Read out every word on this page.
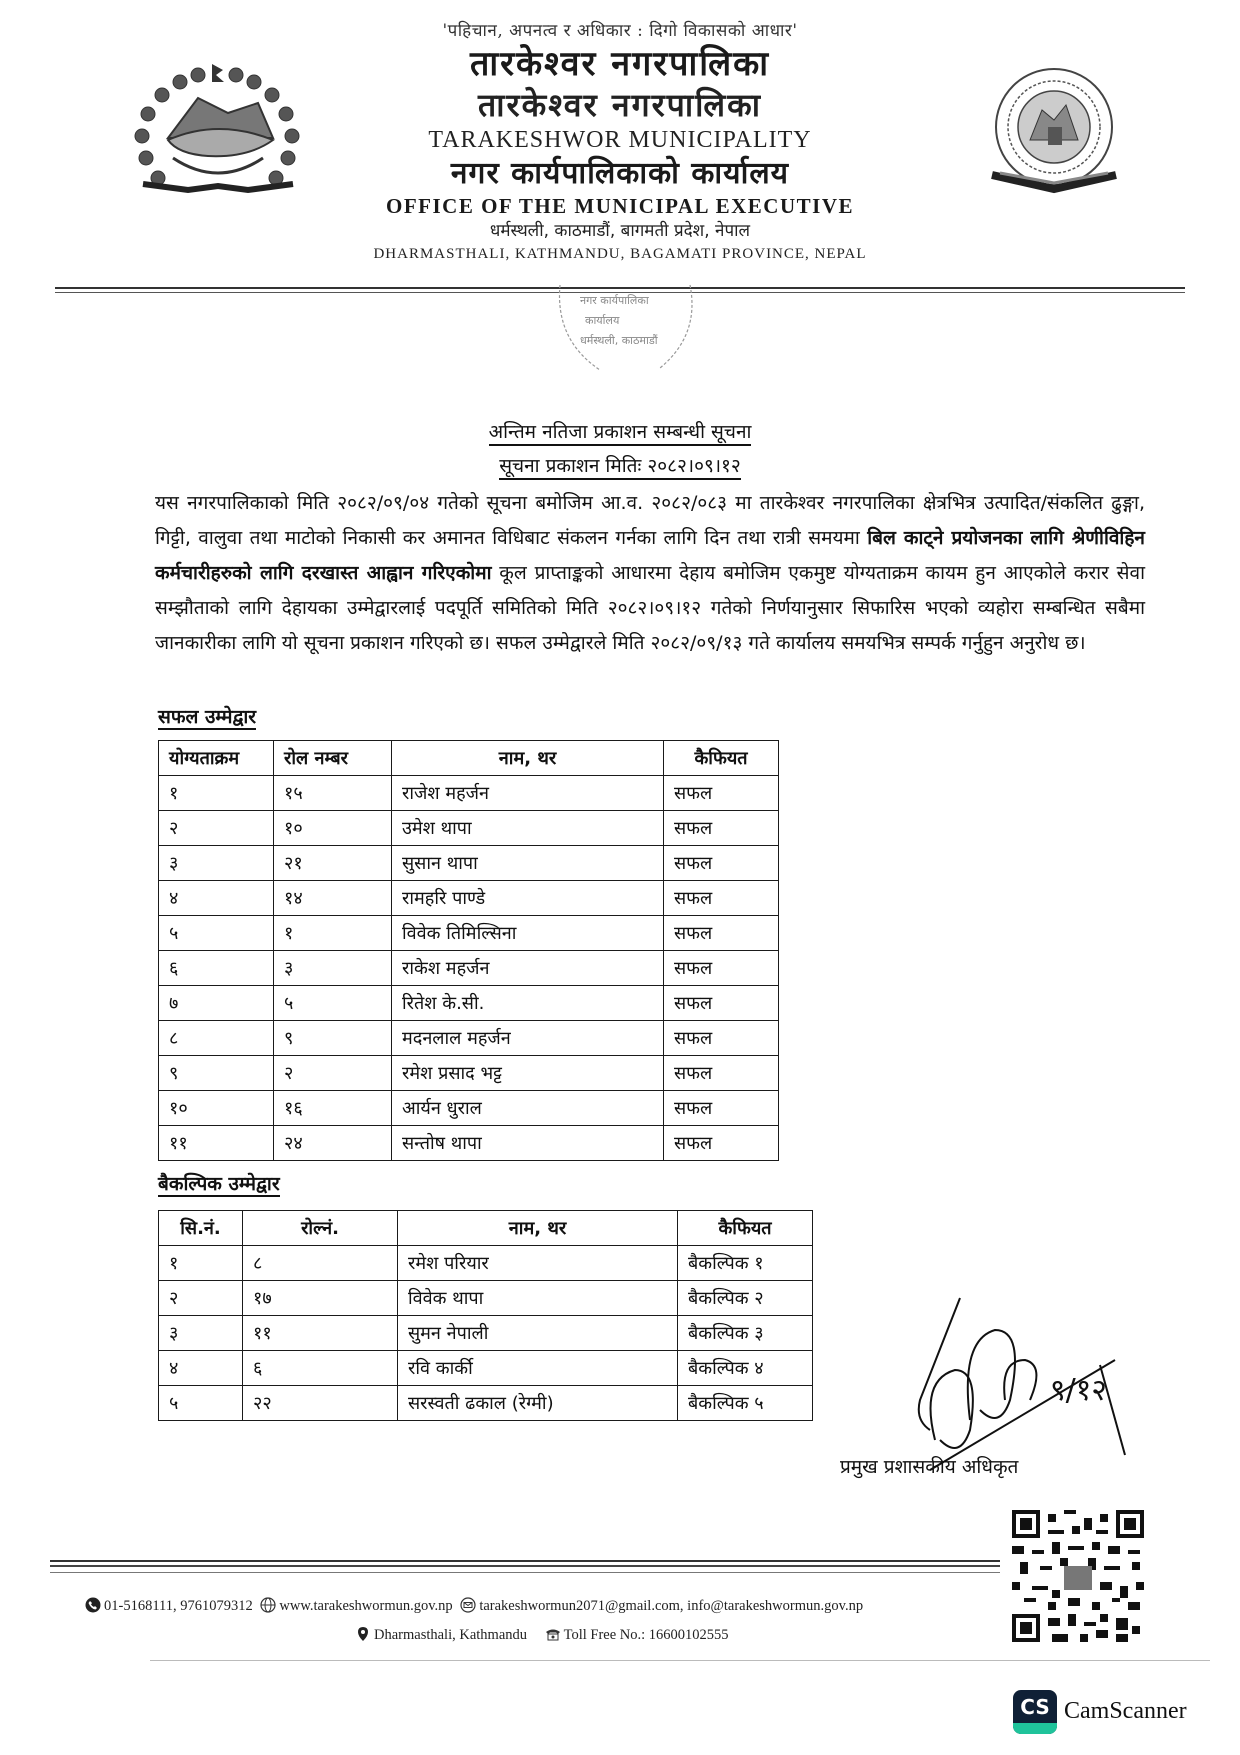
'पहिचान, अपनत्व र अधिकार : दिगो विकासको आधार'
तारकेश्वर नगरपालिका
तारकेश्वर नगरपालिका
TARAKESHWOR MUNICIPALITY
नगर कार्यपालिकाको कार्यालय
OFFICE OF THE MUNICIPAL EXECUTIVE
धर्मस्थली, काठमाडौं, बागमती प्रदेश, नेपाल
DHARMASTHALI, KATHMANDU, BAGAMATI PROVINCE, NEPAL
नगर कार्यपालिका
कार्यालय
धर्मस्थली, काठमाडौं
अन्तिम नतिजा प्रकाशन सम्बन्धी सूचना
सूचना प्रकाशन मितिः २०८२।०९।१२
यस नगरपालिकाको मिति २०८२/०९/०४ गतेको सूचना बमोजिम आ.व. २०८२/०८३ मा तारकेश्वर नगरपालिका क्षेत्रभित्र उत्पादित/संकलित ढुङ्गा, गिट्टी, वालुवा तथा माटोको निकासी कर अमानत विधिबाट संकलन गर्नका लागि दिन तथा रात्री समयमा बिल काट्ने प्रयोजनका लागि श्रेणीविहिन कर्मचारीहरुको लागि दरखास्त आह्वान गरिएकोमा कूल प्राप्ताङ्कको आधारमा देहाय बमोजिम एकमुष्ट योग्यताक्रम कायम हुन आएकोले करार सेवा सम्झौताको लागि देहायका उम्मेद्वारलाई पदपूर्ति समितिको मिति २०८२।०९।१२ गतेको निर्णयानुसार सिफारिस भएको व्यहोरा सम्बन्धित सबैमा जानकारीका लागि यो सूचना प्रकाशन गरिएको छ। सफल उम्मेद्वारले मिति २०८२/०९/१३ गते कार्यालय समयभित्र सम्पर्क गर्नुहुन अनुरोध छ।
सफल उम्मेद्वार
योग्यताक्रम	रोल नम्बर	नाम, थर	कैफियत
१	१५	राजेश महर्जन	सफल
२	१०	उमेश थापा	सफल
३	२१	सुसान थापा	सफल
४	१४	रामहरि पाण्डे	सफल
५	१	विवेक तिमिल्सिना	सफल
६	३	राकेश महर्जन	सफल
७	५	रितेश के.सी.	सफल
८	९	मदनलाल महर्जन	सफल
९	२	रमेश प्रसाद भट्ट	सफल
१०	१६	आर्यन धुराल	सफल
११	२४	सन्तोष थापा	सफल
बैकल्पिक उम्मेद्वार
सि.नं.	रोल्नं.	नाम, थर	कैफियत
१	८	रमेश परियार	बैकल्पिक १
२	१७	विवेक थापा	बैकल्पिक २
३	११	सुमन नेपाली	बैकल्पिक ३
४	६	रवि कार्की	बैकल्पिक ४
५	२२	सरस्वती ढकाल (रेग्मी)	बैकल्पिक ५	९/१२
प्रमुख प्रशासकीय अधिकृत
01-5168111, 9761079312 www.tarakeshwormun.gov.np tarakeshwormun2071@gmail.com, info@tarakeshwormun.gov.np
Dharmasthali, Kathmandu	Toll Free No.: 16600102555
CS CamScanner
